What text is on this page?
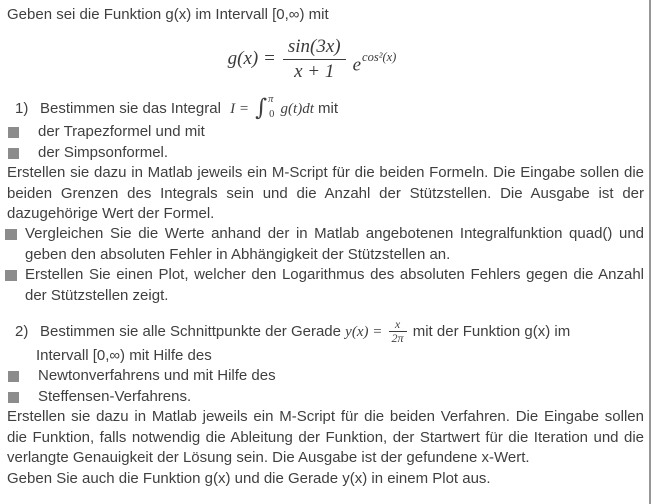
Geben sei die Funktion g(x) im Intervall [0,∞) mit
$g(x) = \frac{\sin(3x)}{x + 1} e^{cos^2(x)}$
1) Bestimmen sie das Integral I = ∫ π
0 g(t)dt mit
der Trapezformel und mit
der Simpsonformel.

Erstellen sie dazu in Matlab jeweils ein M-Script für die beiden Formeln. Die Eingabe sollen die beiden Grenzen des Integrals sein und die Anzahl der Stützstellen. Die Ausgabe ist der dazugehörige Wert der Formel.

Vergleichen Sie die Werte anhand der in Matlab angebotenen Integralfunktion quad() und geben den absoluten Fehler in Abhängigkeit der Stützstellen an.
Erstellen Sie einen Plot, welcher den Logarithmus des absoluten Fehlers gegen die Anzahl der Stützstellen zeigt.
2) Bestimmen sie alle Schnittpunkte der Gerade $y(x) = \frac{x}{2\pi}$ mit der Funktion g(x) im
Intervall [0,∞) mit Hilfe des
Newtonverfahrens und mit Hilfe des
Steffensen-Verfahrens.

Erstellen sie dazu in Matlab jeweils ein M-Script für die beiden Verfahren. Die Eingabe sollen die Funktion, falls notwendig die Ableitung der Funktion, der Startwert für die Iteration und die verlangte Genauigkeit der Lösung sein. Die Ausgabe ist der gefundene x-Wert.

Geben Sie auch die Funktion g(x) und die Gerade y(x) in einem Plot aus.
